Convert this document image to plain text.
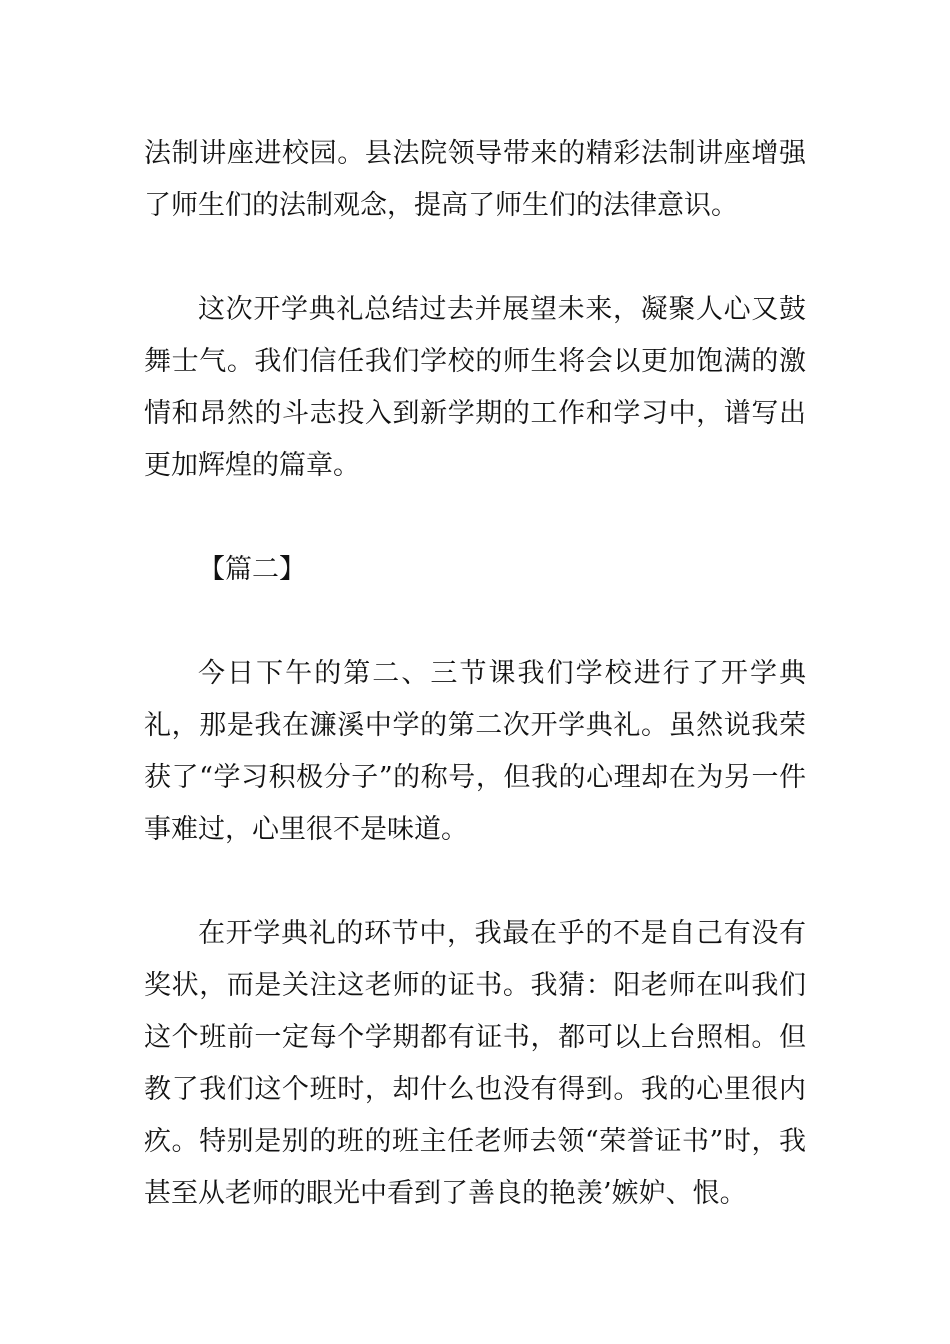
法制讲座进校园。县法院领导带来的精彩法制讲座增强了师生们的法制观念，提高了师生们的法律意识。

这次开学典礼总结过去并展望未来，凝聚人心又鼓舞士气。我们信任我们学校的师生将会以更加饱满的激情和昂然的斗志投入到新学期的工作和学习中，谱写出更加辉煌的篇章。

【篇二】

今日下午的第二、三节课我们学校进行了开学典礼，那是我在濂溪中学的第二次开学典礼。虽然说我荣获了“学习积极分子”的称号，但我的心理却在为另一件事难过，心里很不是味道。

在开学典礼的环节中，我最在乎的不是自己有没有奖状，而是关注这老师的证书。我猜：阳老师在叫我们这个班前一定每个学期都有证书，都可以上台照相。但教了我们这个班时，却什么也没有得到。我的心里很内疚。特别是别的班的班主任老师去领“荣誉证书”时，我甚至从老师的眼光中看到了善良的艳羡’嫉妒、恨。
